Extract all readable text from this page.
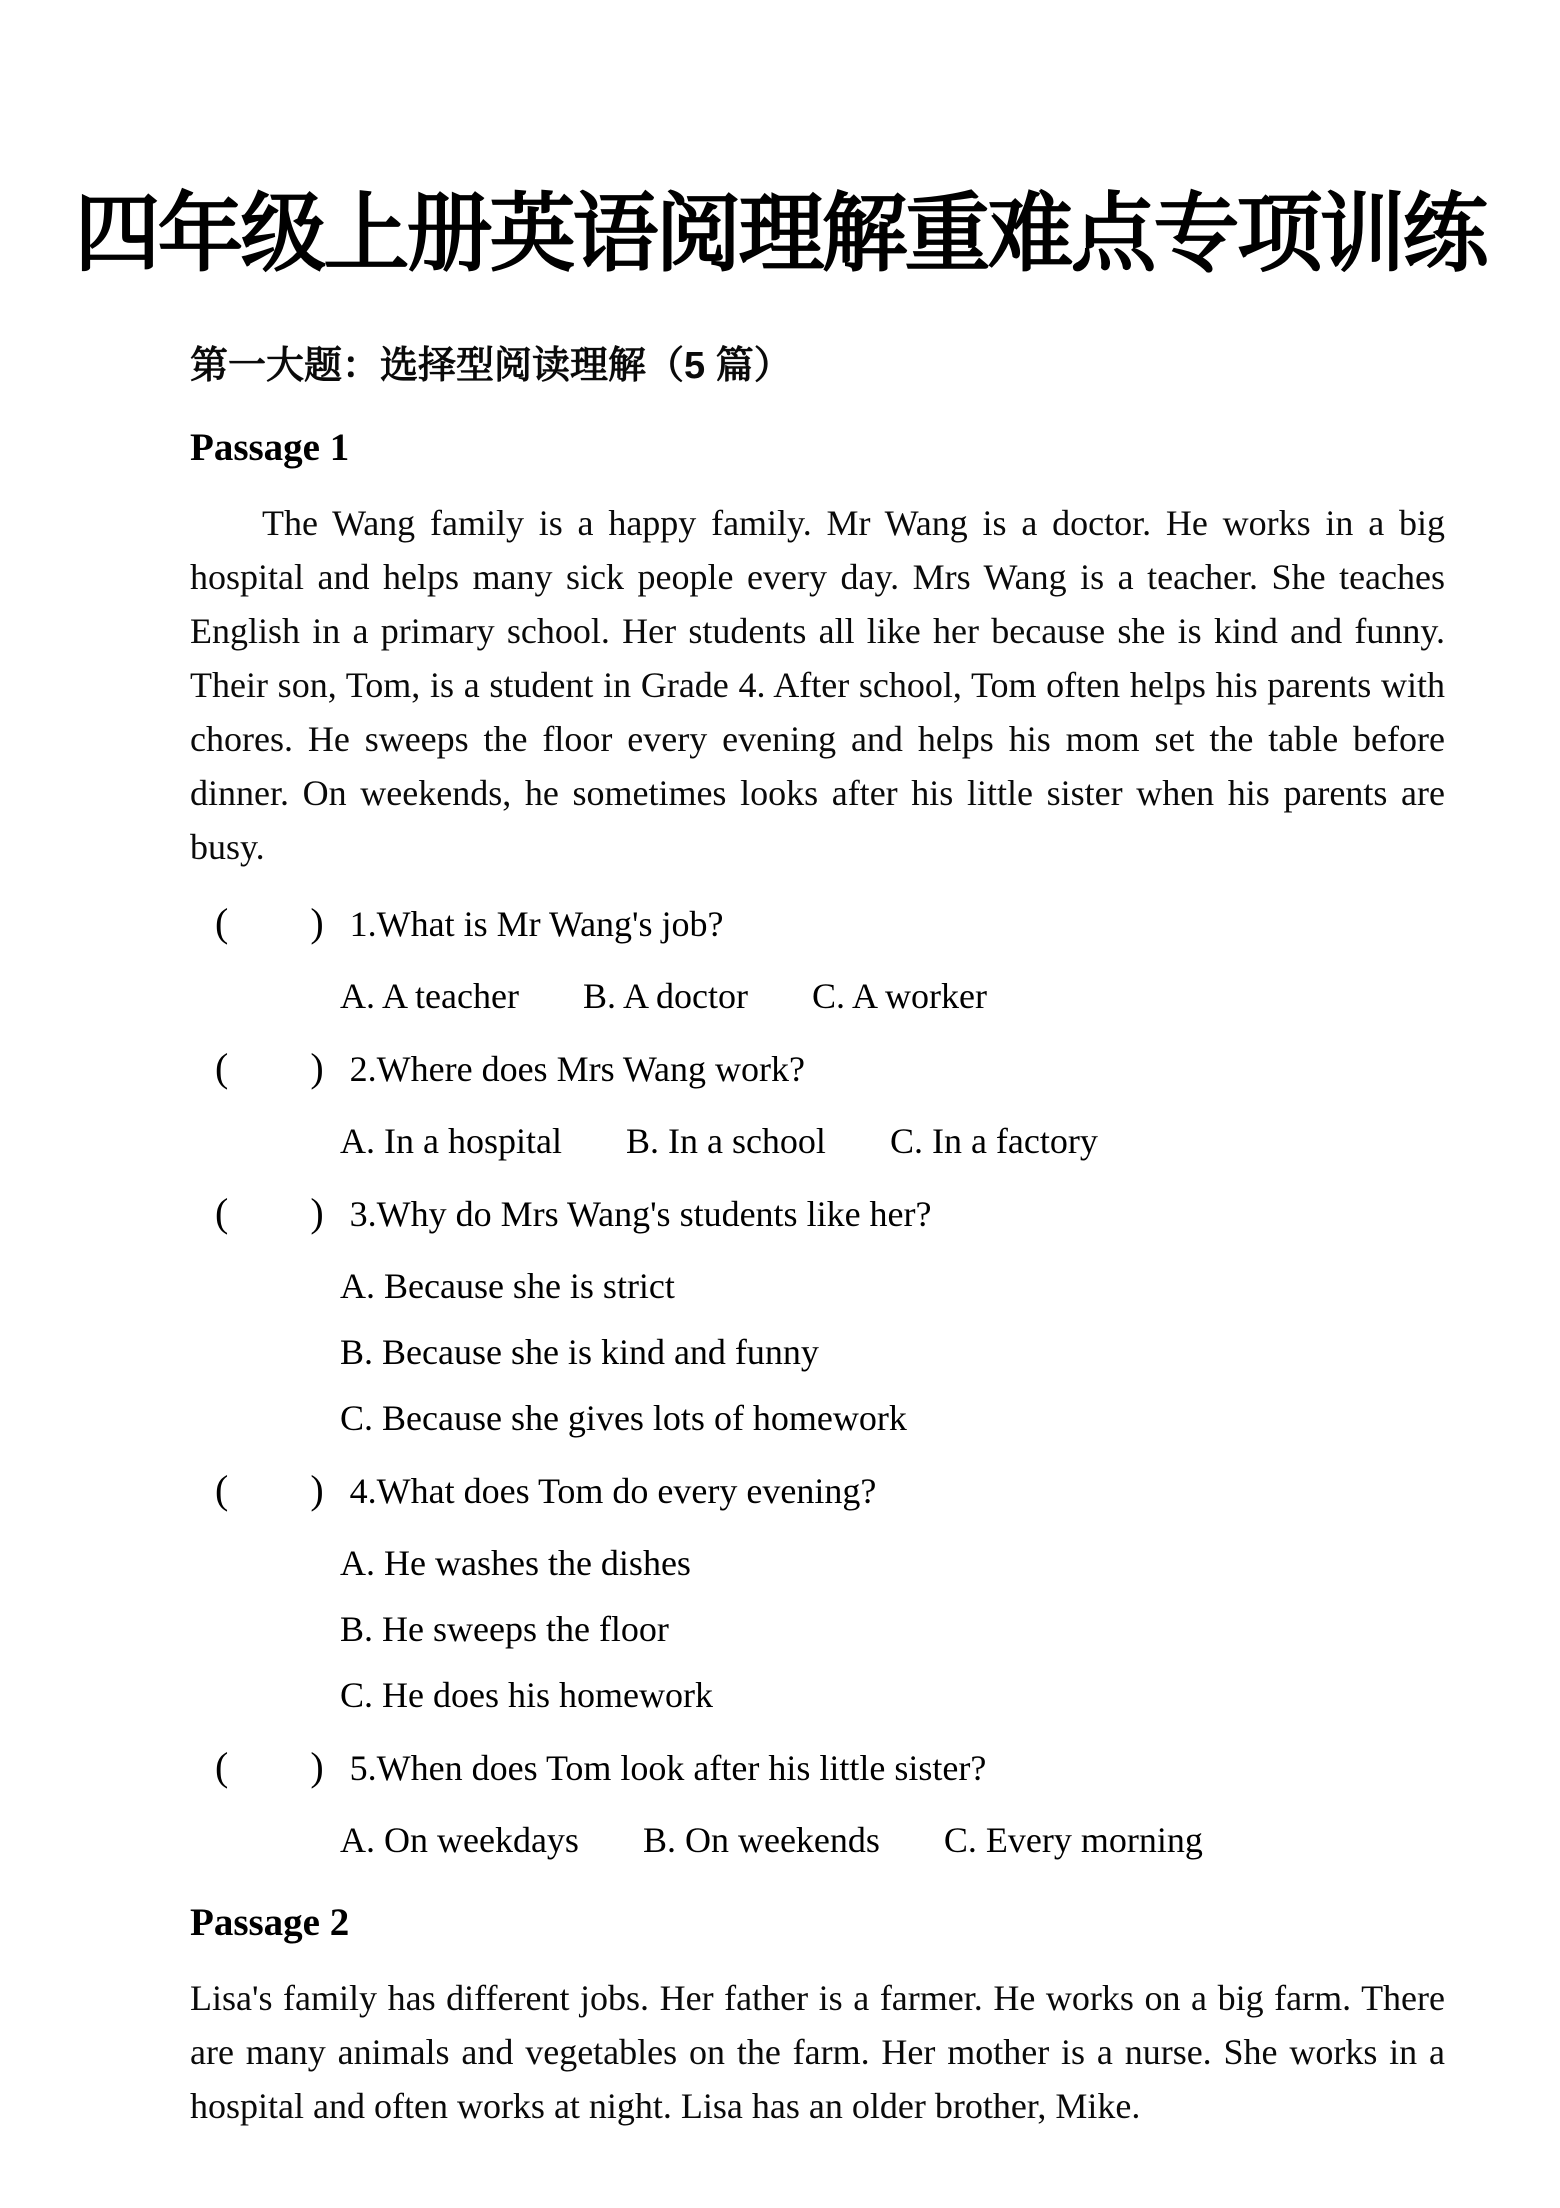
四年级上册英语阅理解重难点专项训练
第一大题：选择型阅读理解（5 篇）
Passage 1

The Wang family is a happy family. Mr Wang is a doctor. He works in a big hospital and helps many sick people every day. Mrs Wang is a teacher. She teaches English in a primary school. Her students all like her because she is kind and funny. Their son, Tom, is a student in Grade 4. After school, Tom often helps his parents with chores. He sweeps the floor every evening and helps his mom set the table before dinner. On weekends, he sometimes looks after his little sister when his parents are busy.

( ) 1.What is Mr Wang's job?
A. A teacher B. A doctor C. A worker
( ) 2.Where does Mrs Wang work?
A. In a hospital B. In a school C. In a factory
( ) 3.Why do Mrs Wang's students like her?
A. Because she is strict
B. Because she is kind and funny
C. Because she gives lots of homework
( ) 4.What does Tom do every evening?
A. He washes the dishes
B. He sweeps the floor
C. He does his homework
( ) 5.When does Tom look after his little sister?
A. On weekdays B. On weekends C. Every morning
Passage 2

Lisa's family has different jobs. Her father is a farmer. He works on a big farm. There are many animals and vegetables on the farm. Her mother is a nurse. She works in a hospital and often works at night. Lisa has an older brother, Mike.
